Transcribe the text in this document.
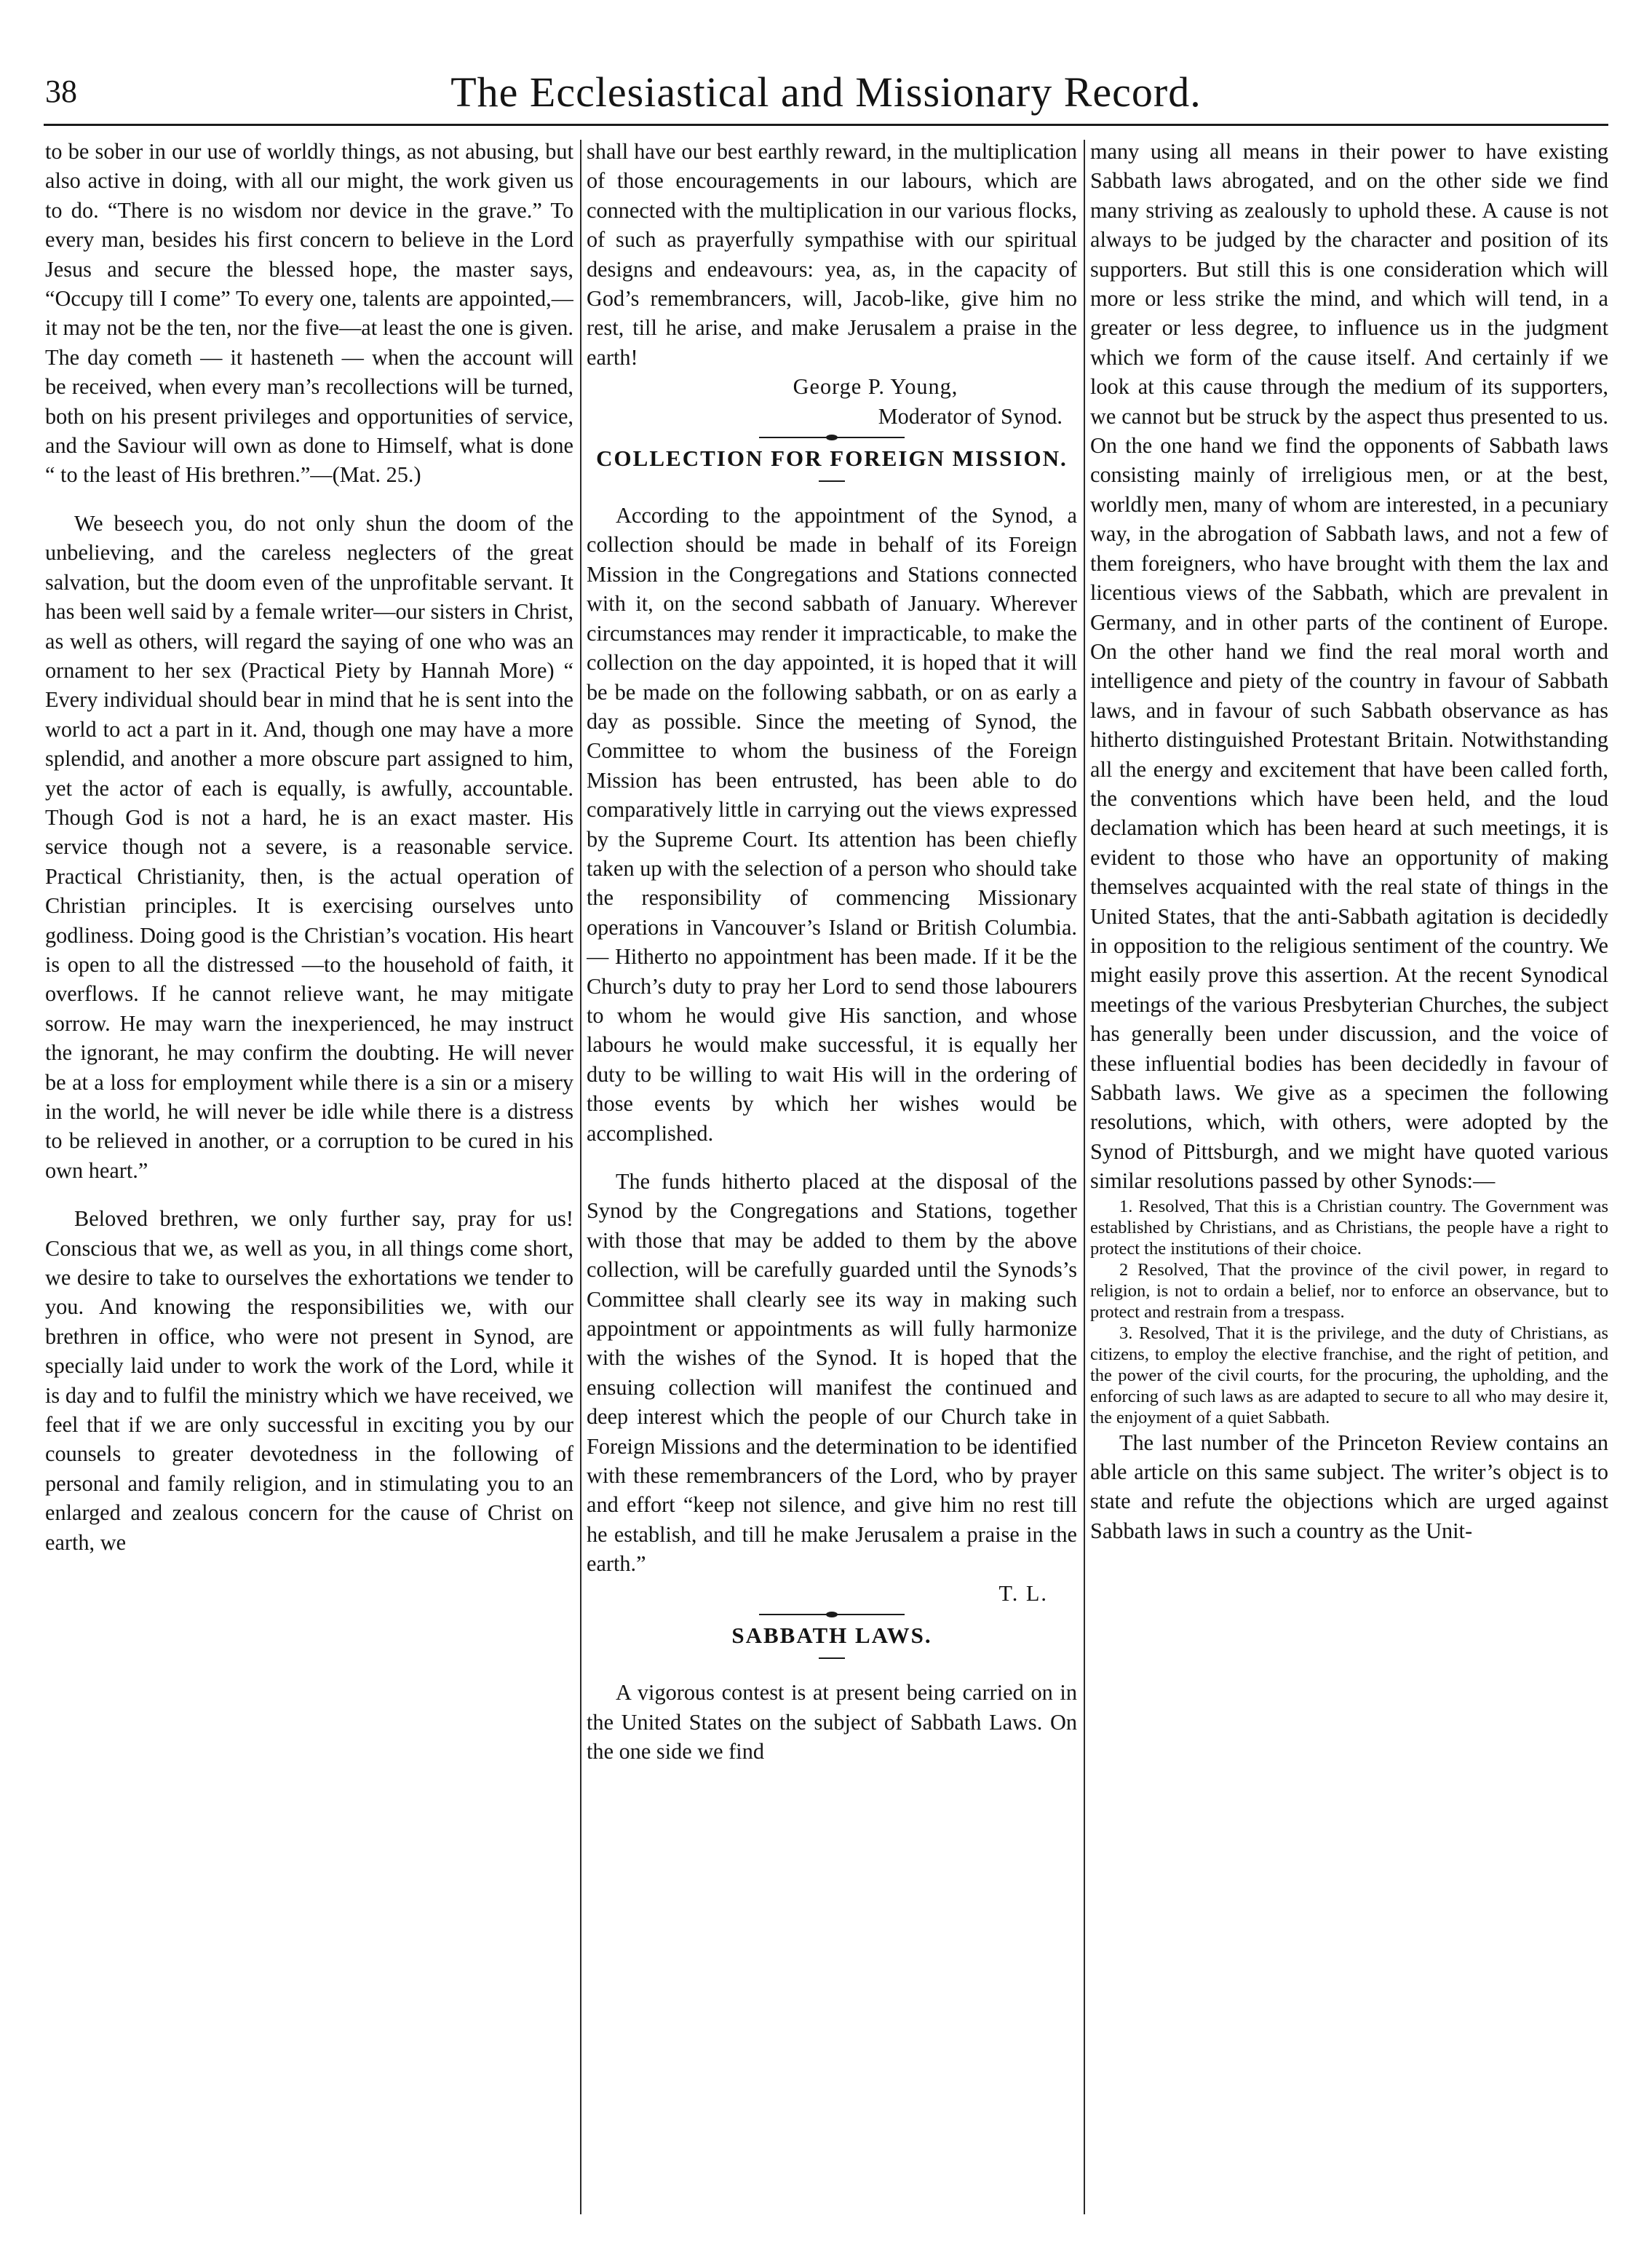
38	The Ecclesiastical and Missionary Record.

to be sober in our use of worldly things, as not abusing, but also active in doing, with all our might, the work given us to do. “There is no wisdom nor device in the grave.” To every man, besides his first concern to believe in the Lord Jesus and secure the blessed hope, the master says, “Occupy till I come” To every one, talents are appointed,—it may not be the ten, nor the five—at least the one is given. The day cometh — it hasteneth — when the account will be received, when every man’s recollections will be turned, both on his present privileges and opportunities of service, and the Saviour will own as done to Himself, what is done “ to the least of His brethren.”—(Mat. 25.)

We beseech you, do not only shun the doom of the unbelieving, and the careless neglecters of the great salvation, but the doom even of the unprofitable servant. It has been well said by a female writer—our sisters in Christ, as well as others, will regard the saying of one who was an ornament to her sex (Practical Piety by Hannah More) “ Every individual should bear in mind that he is sent into the world to act a part in it. And, though one may have a more splendid, and another a more obscure part assigned to him, yet the actor of each is equally, is awfully, accountable. Though God is not a hard, he is an exact master. His service though not a severe, is a reasonable service. Practical Christianity, then, is the actual operation of Christian principles. It is exercising ourselves unto godliness. Doing good is the Christian’s vocation. His heart is open to all the distressed —to the household of faith, it overflows. If he cannot relieve want, he may mitigate sorrow. He may warn the inexperienced, he may instruct the ignorant, he may confirm the doubting. He will never be at a loss for employment while there is a sin or a misery in the world, he will never be idle while there is a distress to be relieved in another, or a corruption to be cured in his own heart.”

Beloved brethren, we only further say, pray for us! Conscious that we, as well as you, in all things come short, we desire to take to ourselves the exhortations we tender to you. And knowing the responsibilities we, with our brethren in office, who were not present in Synod, are specially laid under to work the work of the Lord, while it is day and to fulfil the ministry which we have received, we feel that if we are only successful in exciting you by our counsels to greater devotedness in the following of personal and family religion, and in stimulating you to an enlarged and zealous concern for the cause of Christ on earth, we

shall have our best earthly reward, in the multiplication of those encouragements in our labours, which are connected with the multiplication in our various flocks, of such as prayerfully sympathise with our spiritual designs and endeavours: yea, as, in the capacity of God’s remembrancers, will, Jacob-like, give him no rest, till he arise, and make Jerusalem a praise in the earth!

George P. Young,
Moderator of Synod.
COLLECTION FOR FOREIGN MISSION.

According to the appointment of the Synod, a collection should be made in behalf of its Foreign Mission in the Congregations and Stations connected with it, on the second sabbath of January. Wherever circumstances may render it impracticable, to make the collection on the day appointed, it is hoped that it will be be made on the following sabbath, or on as early a day as possible. Since the meeting of Synod, the Committee to whom the business of the Foreign Mission has been entrusted, has been able to do comparatively little in carrying out the views expressed by the Supreme Court. Its attention has been chiefly taken up with the selection of a person who should take the responsibility of commencing Missionary operations in Vancouver’s Island or British Columbia.— Hitherto no appointment has been made. If it be the Church’s duty to pray her Lord to send those labourers to whom he would give His sanction, and whose labours he would make successful, it is equally her duty to be willing to wait His will in the ordering of those events by which her wishes would be accomplished.

The funds hitherto placed at the disposal of the Synod by the Congregations and Stations, together with those that may be added to them by the above collection, will be carefully guarded until the Synods’s Committee shall clearly see its way in making such appointment or appointments as will fully harmonize with the wishes of the Synod. It is hoped that the ensuing collection will manifest the continued and deep interest which the people of our Church take in Foreign Missions and the determination to be identified with these remembrancers of the Lord, who by prayer and effort “keep not silence, and give him no rest till he establish, and till he make Jerusalem a praise in the earth.”

T. L.

SABBATH LAWS.

A vigorous contest is at present being carried on in the United States on the subject of Sabbath Laws. On the one side we find

many using all means in their power to have existing Sabbath laws abrogated, and on the other side we find many striving as zealously to uphold these. A cause is not always to be judged by the character and position of its supporters. But still this is one consideration which will more or less strike the mind, and which will tend, in a greater or less degree, to influence us in the judgment which we form of the cause itself. And certainly if we look at this cause through the medium of its supporters, we cannot but be struck by the aspect thus presented to us. On the one hand we find the opponents of Sabbath laws consisting mainly of irreligious men, or at the best, worldly men, many of whom are interested, in a pecuniary way, in the abrogation of Sabbath laws, and not a few of them foreigners, who have brought with them the lax and licentious views of the Sabbath, which are prevalent in Germany, and in other parts of the continent of Europe. On the other hand we find the real moral worth and intelligence and piety of the country in favour of Sabbath laws, and in favour of such Sabbath observance as has hitherto distinguished Protestant Britain. Notwithstanding all the energy and excitement that have been called forth, the conventions which have been held, and the loud declamation which has been heard at such meetings, it is evident to those who have an opportunity of making themselves acquainted with the real state of things in the United States, that the anti-Sabbath agitation is decidedly in opposition to the religious sentiment of the country. We might easily prove this assertion. At the recent Synodical meetings of the various Presbyterian Churches, the subject has generally been under discussion, and the voice of these influential bodies has been decidedly in favour of Sabbath laws. We give as a specimen the following resolutions, which, with others, were adopted by the Synod of Pittsburgh, and we might have quoted various similar resolutions passed by other Synods:—

1. Resolved, That this is a Christian country. The Government was established by Christians, and as Christians, the people have a right to protect the institutions of their choice.

2 Resolved, That the province of the civil power, in regard to religion, is not to ordain a belief, nor to enforce an observance, but to protect and restrain from a trespass.

3. Resolved, That it is the privilege, and the duty of Christians, as citizens, to employ the elective franchise, and the right of petition, and the power of the civil courts, for the procuring, the upholding, and the enforcing of such laws as are adapted to secure to all who may desire it, the enjoyment of a quiet Sabbath.

The last number of the Princeton Review contains an able article on this same subject. The writer’s object is to state and refute the objections which are urged against Sabbath laws in such a country as the Unit-
